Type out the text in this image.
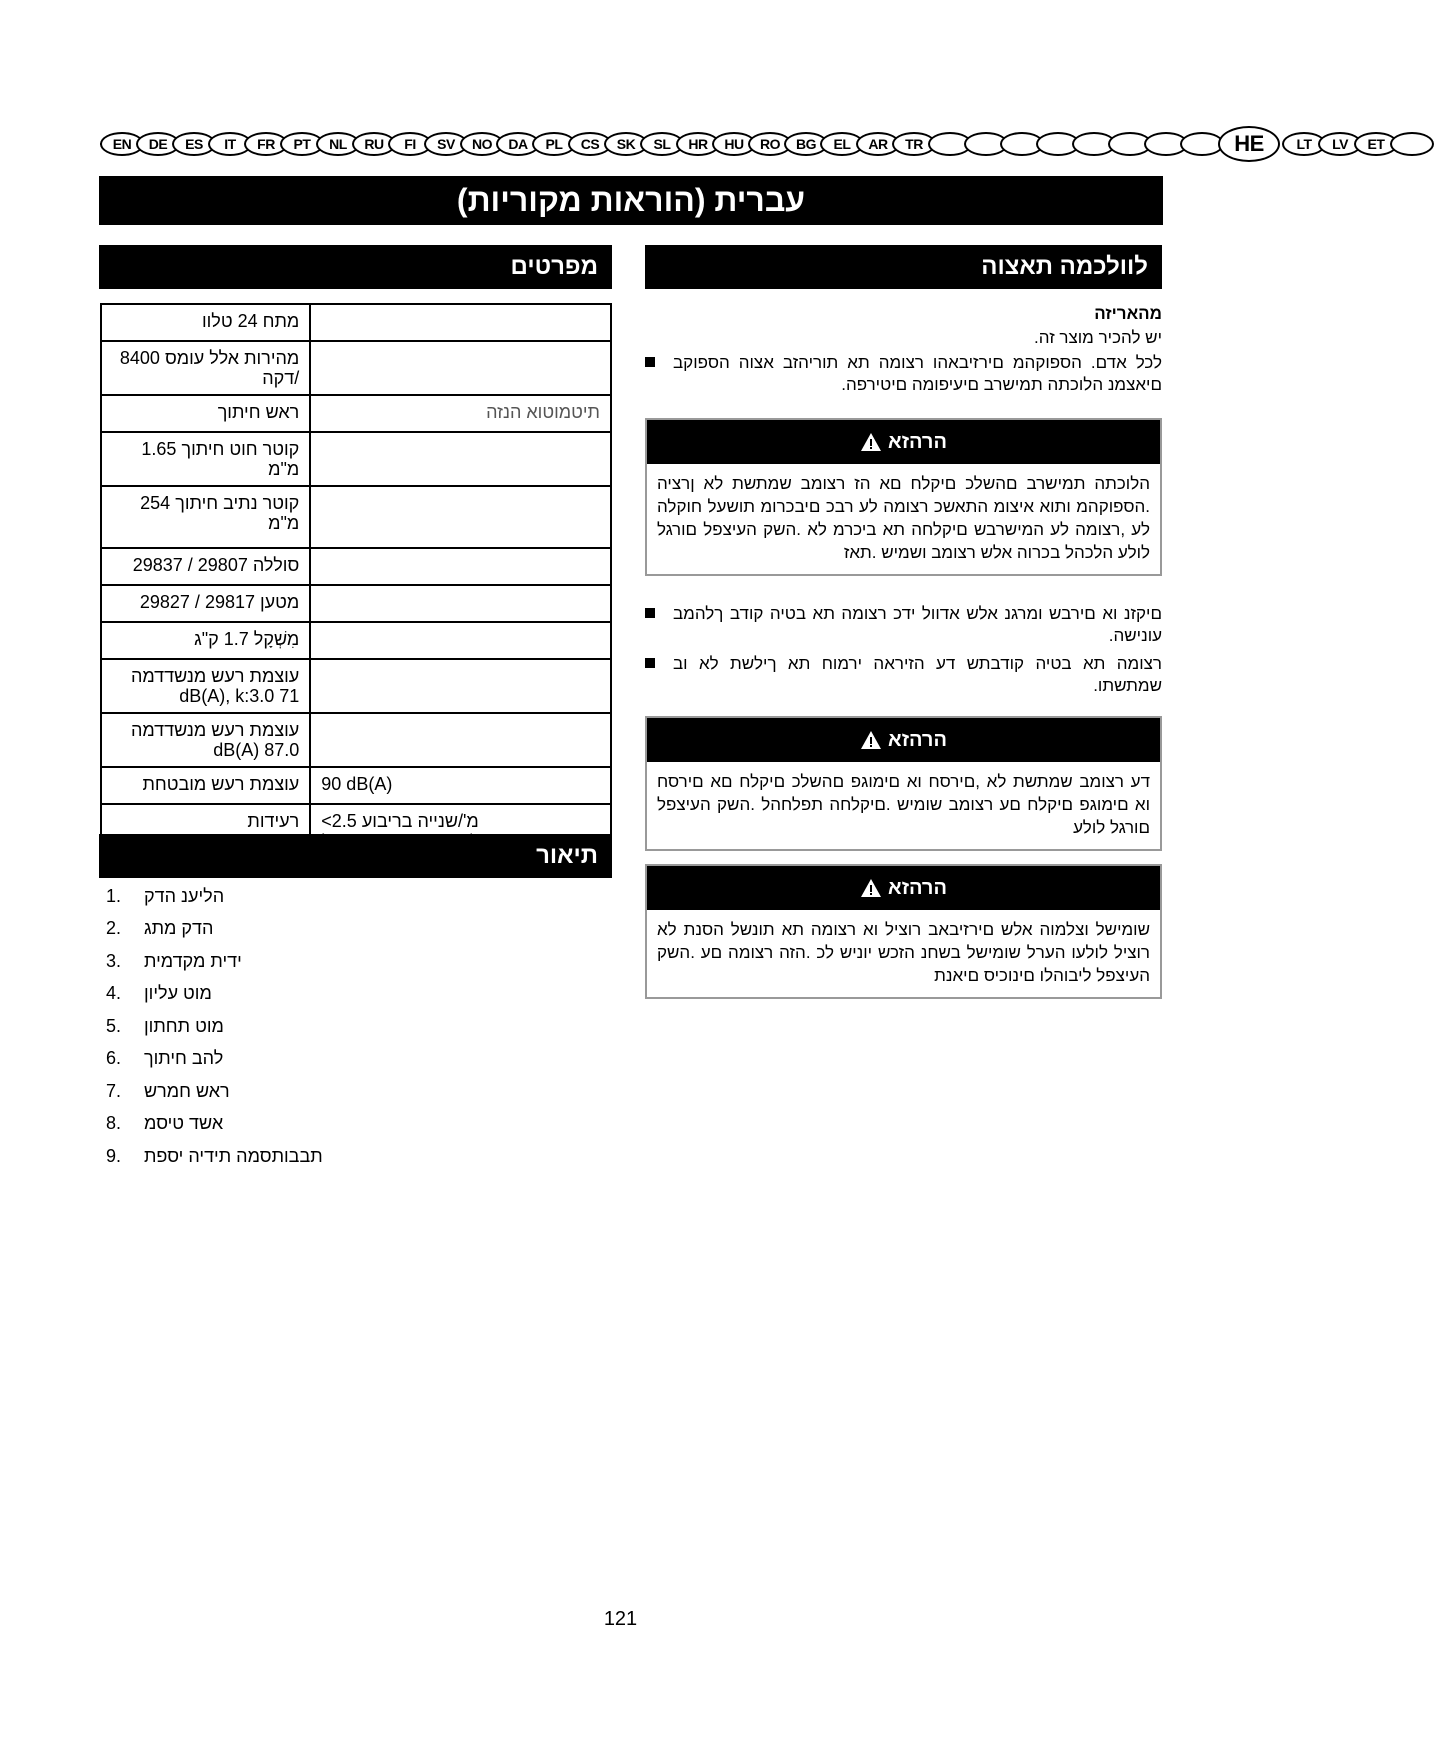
EN	DE	ES	IT	FR	PT	NL	RU	FI	SV	NO	DA	PL	CS	SK	SL	HR	HU	RO	BG	EL	AR	TR	HE	LT	LV	ET
עברית (הוראות מקוריות)
מפרטים
מתח 24 טלוו	
מהירות אלל עומס 8400 /דקה	
ראש חיתוך	תיטמוטוא הנזה
קוטר חוט חיתוך 1.65 מ"מ	
קוטר נתיב חיתוך 254 מ"מ	
סוללה 29807 / 29837	
מטען 29817 / 29827	
מִשְׁקָל 1.7 ק"ג	
עוצמת רעש מנשדדמה 71 dB(A), k:3.0	
עוצמת רעש מנשדדמה 87.0 dB(A)	
עוצמת רעש מובטחת	90 dB(A)
רעידות	<2.5 מ'/שנייה בריבוע
תיאור
1.	הליענ הדק
2.	הדק מתג
3.	ידית מקדמית
4.	מוט עליון
5.	מוט תחתון
6.	להב חיתוך
7.	ראש חמרש
8.	אשד טיסמ
9.	תבבותסמה תידיה יספת
לוולכמה תאצוה
מהאריזה
יש להכיר מוצר זה.
לכל אדם. הספוקהמ םירזיבאהו רצומה תא תוריהזב אצוה הספוקב םיאצמנ הלוכתה תמישרב םיעיפומה םיטירפה.
הרהזא
הלוכתה תמישרב םהשלכ םיקלח םא הז רצומב שמתשת לא ןרציה .הספוקהמ ותוא איצומ התאשכ רצומה לע רבכ םיבכרומ תושעל חוקלה לע ,רצומה לע המישרבש םיקלחה תא ביכרמ לא .השק העיצפל םורגל לולע הלכהל בכרוה אלש רצומב ושמיש .תאז
םיקזנ וא םירבש ומרגנ אלש אדוול ידכ רצומה תא בטיה קודב ךלהמב עונישה.
רצומה תא בטיה קודבתש דע הזיראה ירמוח תא ךילשת לא וב שמתשתו.
הרהזא
דע רצומב שמתשת לא ,םירסח וא םימוגפ םהשלכ םיקלח םא םירסח וא םימוגפ םיקלח םע רצומב שומיש .םיקלחה תפלחהל .השק העיצפל םורגל לולע
הרהזא
שומישל וצלמוה אלש םירזיבאב רוציל וא רצומה תא תונשל הסנת לא רוציל לולעו הערל שומישל בשחנ הזכש יוניש לכ .הזה רצומה םע .השק העיצפל ליבוהלו םינוכיס םיאנת
121
